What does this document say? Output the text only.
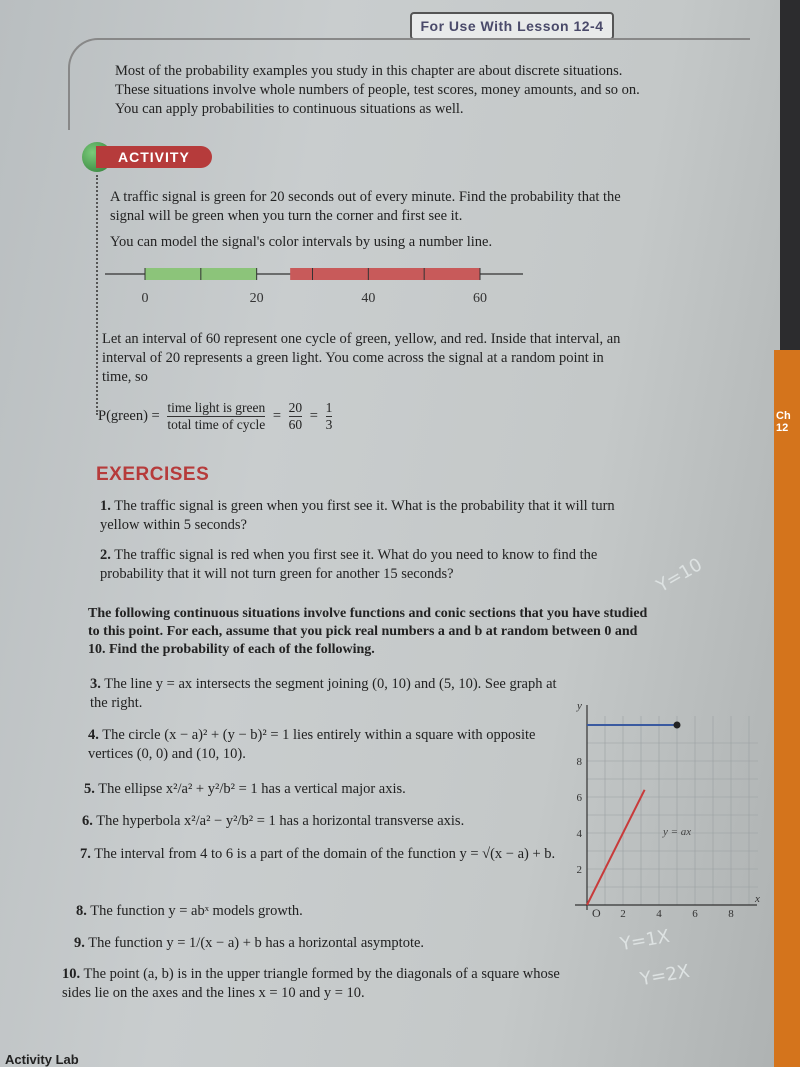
For Use With Lesson 12-4
Most of the probability examples you study in this chapter are about discrete situations. These situations involve whole numbers of people, test scores, money amounts, and so on. You can apply probabilities to continuous situations as well.
ACTIVITY
A traffic signal is green for 20 seconds out of every minute. Find the probability that the signal will be green when you turn the corner and first see it.
You can model the signal's color intervals by using a number line.
0	20	40	60
Let an interval of 60 represent one cycle of green, yellow, and red. Inside that interval, an interval of 20 represents a green light. You come across the signal at a random point in time, so
P(green) = $\frac{\text{time light is green}}{\text{total time of cycle}} = \frac{20}{60} = \frac{1}{3}$
EXERCISES
1. The traffic signal is green when you first see it. What is the probability that it will turn yellow within 5 seconds?
2. The traffic signal is red when you first see it. What do you need to know to find the probability that it will not turn green for another 15 seconds?
The following continuous situations involve functions and conic sections that you have studied to this point. For each, assume that you pick real numbers a and b at random between 0 and 10. Find the probability of each of the following.
3. The line y = ax intersects the segment joining (0, 10) and (5, 10). See graph at the right.
4. The circle (x − a)² + (y − b)² = 1 lies entirely within a square with opposite vertices (0, 0) and (10, 10).
5. The ellipse x²/a² + y²/b² = 1 has a vertical major axis.
6. The hyperbola x²/a² − y²/b² = 1 has a horizontal transverse axis.
7. The interval from 4 to 6 is a part of the domain of the function y = √(x − a) + b.
8. The function y = abˣ models growth.
9. The function y = 1/(x − a) + b has a horizontal asymptote.
10. The point (a, b) is in the upper triangle formed by the diagonals of a square whose sides lie on the axes and the lines x = 10 and y = 10.
y
x
O 2	4	6	8
2
4
6
8
y = ax
Y=10
Y=1X
Y=2X
Activity Lab
Ch 12
